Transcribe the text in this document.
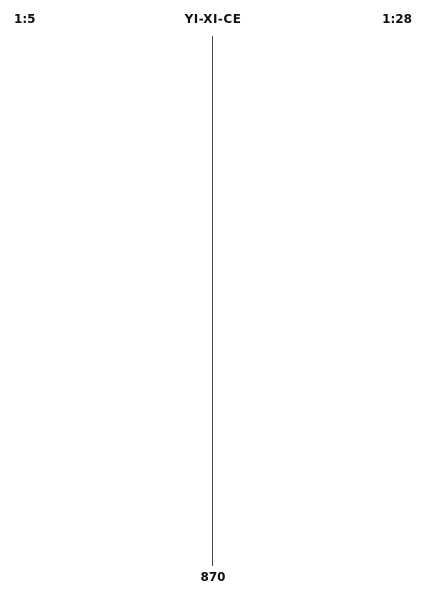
1:5	YI-XI-CE	1:28
870
